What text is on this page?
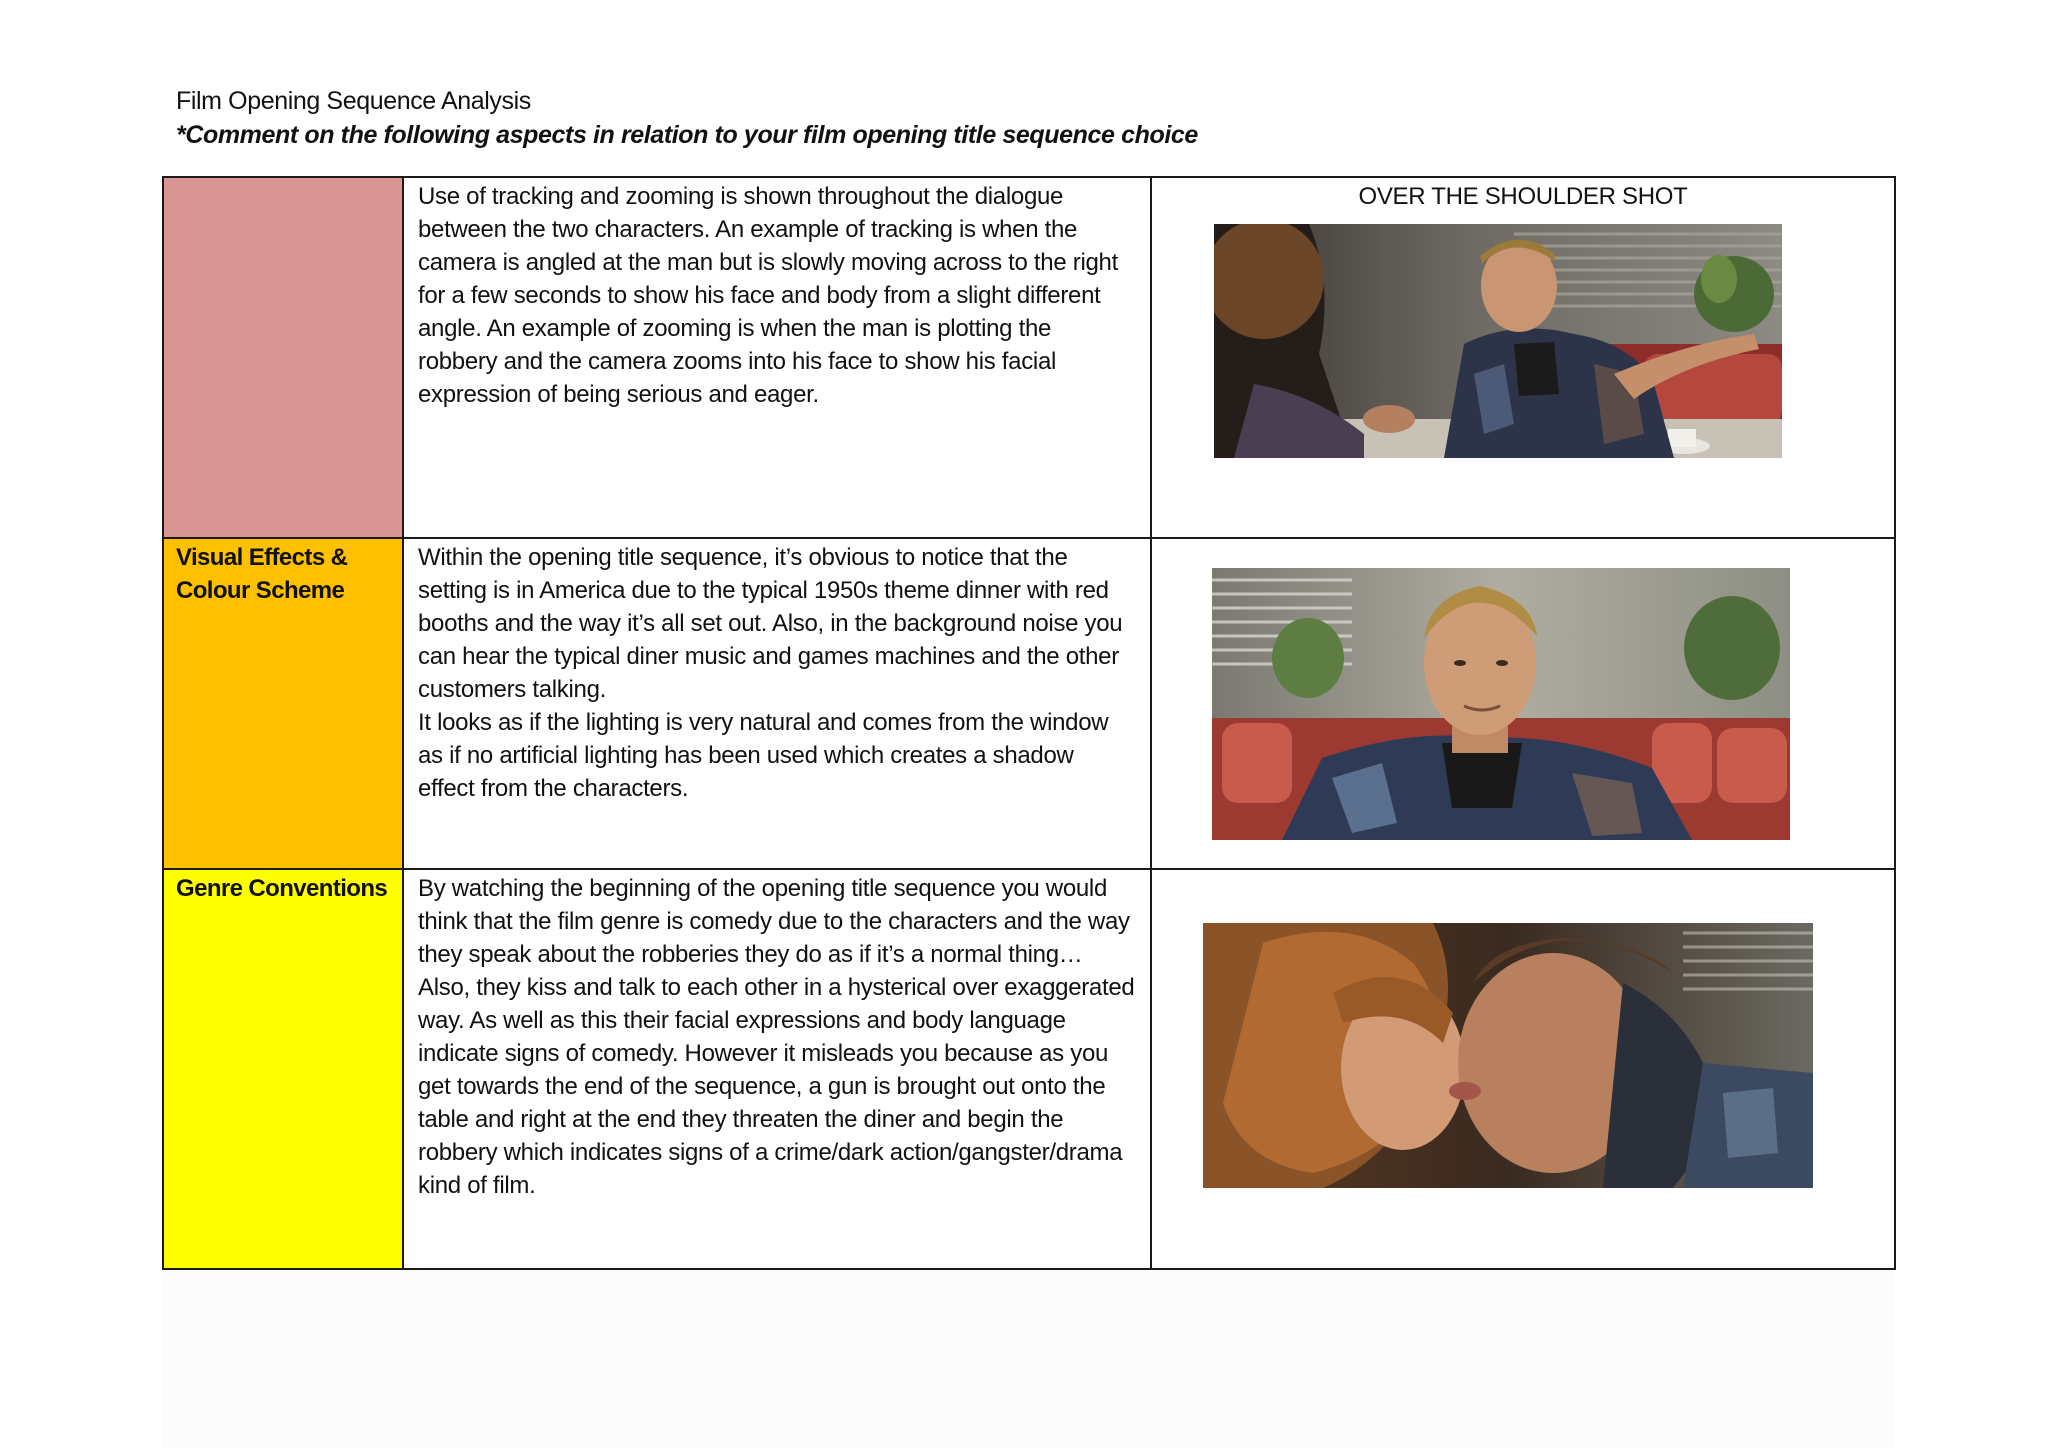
Film Opening Sequence Analysis
*Comment on the following aspects in relation to your film opening title sequence choice

	Use of tracking and zooming is shown throughout the dialogue between the two characters. An example of tracking is when the camera is angled at the man but is slowly moving across to the right for a few seconds to show his face and body from a slight different angle. An example of zooming is when the man is plotting the robbery and the camera zooms into his face to show his facial expression of being serious and eager.	OVER THE SHOULDER SHOT

Visual Effects & Colour Scheme	Within the opening title sequence, it’s obvious to notice that the setting is in America due to the typical 1950s theme dinner with red booths and the way it’s all set out. Also, in the background noise you can hear the typical diner music and games machines and the other customers talking.
It looks as if the lighting is very natural and comes from the window as if no artificial lighting has been used which creates a shadow effect from the characters.

Genre Conventions	By watching the beginning of the opening title sequence you would think that the film genre is comedy due to the characters and the way they speak about the robberies they do as if it’s a normal thing… Also, they kiss and talk to each other in a hysterical over exaggerated way. As well as this their facial expressions and body language indicate signs of comedy. However it misleads you because as you get towards the end of the sequence, a gun is brought out onto the table and right at the end they threaten the diner and begin the robbery which indicates signs of a crime/dark action/gangster/drama kind of film.
